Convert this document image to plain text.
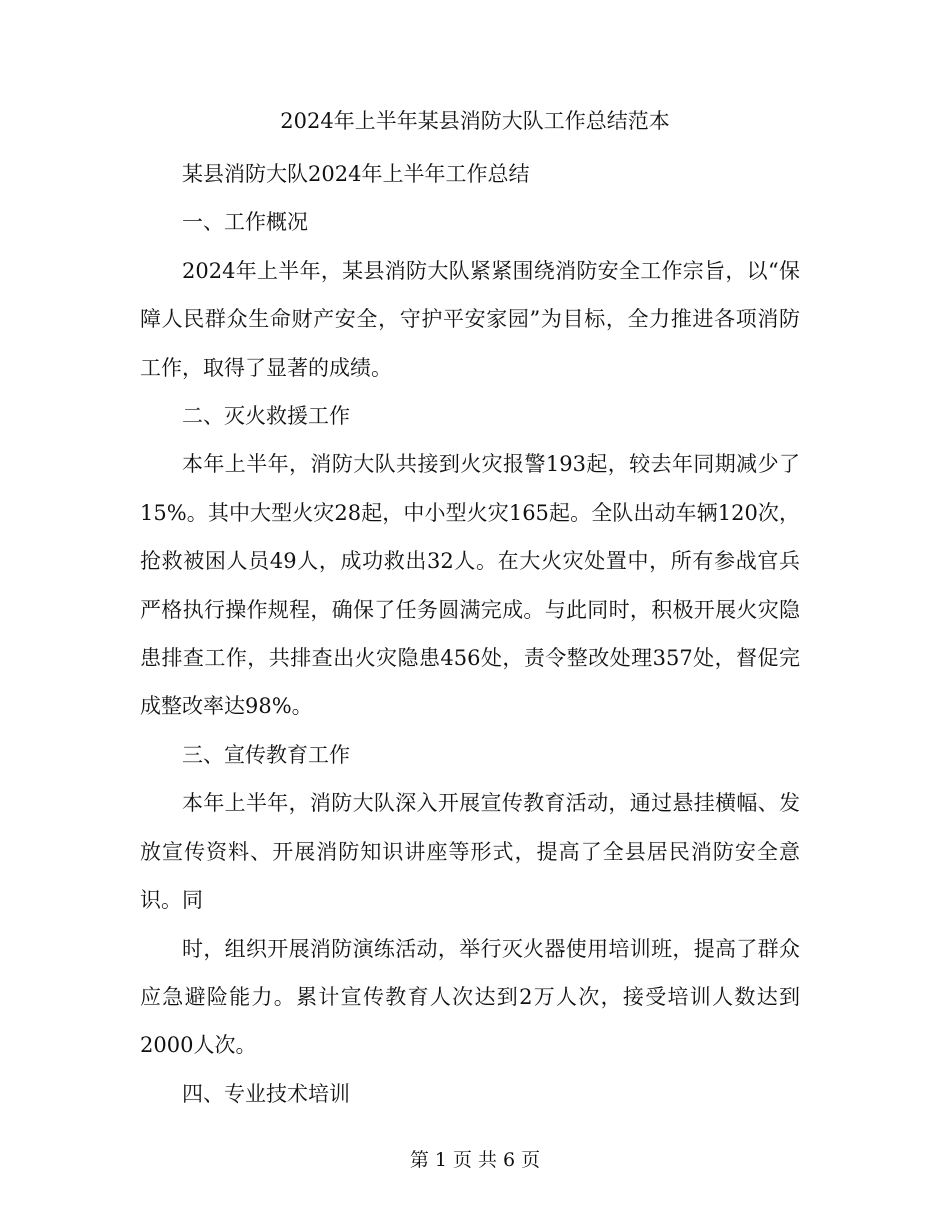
2024年上半年某县消防大队工作总结范本

某县消防大队2024年上半年工作总结

一、工作概况

2024年上半年，某县消防大队紧紧围绕消防安全工作宗旨，以“保障人民群众生命财产安全，守护平安家园”为目标，全力推进各项消防工作，取得了显著的成绩。

二、灭火救援工作

本年上半年，消防大队共接到火灾报警193起，较去年同期减少了15%。其中大型火灾28起，中小型火灾165起。全队出动车辆120次，抢救被困人员49人，成功救出32人。在大火灾处置中，所有参战官兵严格执行操作规程，确保了任务圆满完成。与此同时，积极开展火灾隐患排查工作，共排查出火灾隐患456处，责令整改处理357处，督促完成整改率达98%。

三、宣传教育工作

本年上半年，消防大队深入开展宣传教育活动，通过悬挂横幅、发放宣传资料、开展消防知识讲座等形式，提高了全县居民消防安全意识。同

时，组织开展消防演练活动，举行灭火器使用培训班，提高了群众应急避险能力。累计宣传教育人次达到2万人次，接受培训人数达到2000人次。

四、专业技术培训

第 1 页 共 6 页
